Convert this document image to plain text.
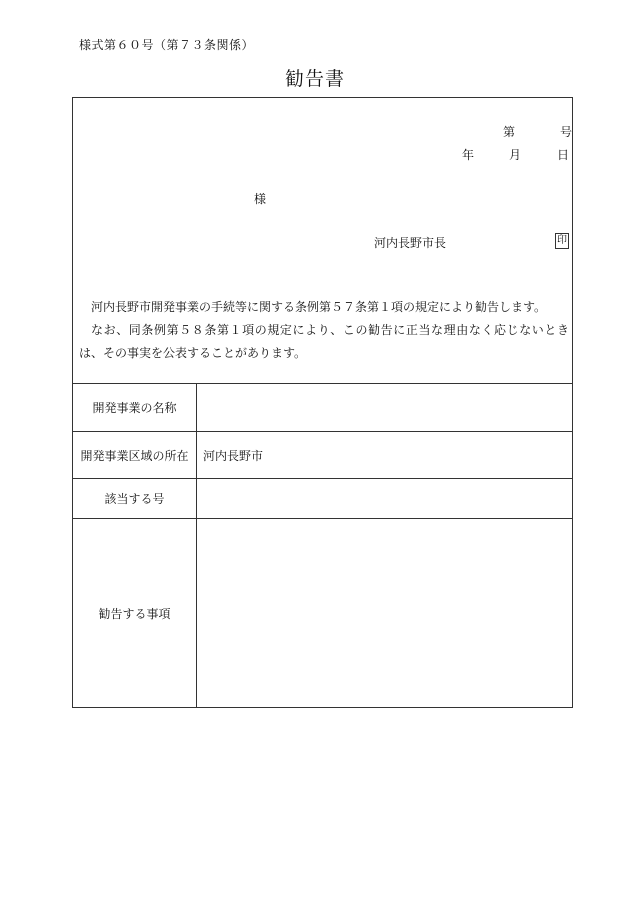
様式第６０号（第７３条関係）
勧告書
第	号
年	月	日
様
河内長野市長	印

河内長野市開発事業の手続等に関する条例第５７条第１項の規定により勧告します。

なお、同条例第５８条第１項の規定により、この勧告に正当な理由なく応じないときは、その事実を公表することがあります。

開発事業の名称
開発事業区域の所在	河内長野市
該当する号
勧告する事項
